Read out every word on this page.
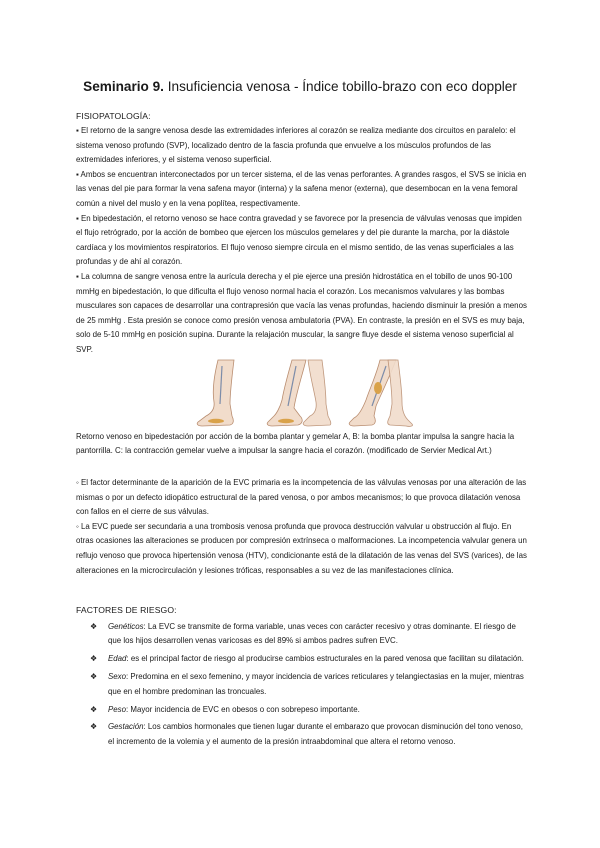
Seminario 9. Insuficiencia venosa - Índice tobillo-brazo con eco doppler
FISIOPATOLOGÍA:

▪ El retorno de la sangre venosa desde las extremidades inferiores al corazón se realiza mediante dos circuitos en paralelo: el sistema venoso profundo (SVP), localizado dentro de la fascia profunda que envuelve a los músculos profundos de las extremidades inferiores, y el sistema venoso superficial.

▪ Ambos se encuentran interconectados por un tercer sistema, el de las venas perforantes. A grandes rasgos, el SVS se inicia en las venas del pie para formar la vena safena mayor (interna) y la safena menor (externa), que desembocan en la vena femoral común a nivel del muslo y en la vena poplítea, respectivamente.

▪ En bipedestación, el retorno venoso se hace contra gravedad y se favorece por la presencia de válvulas venosas que impiden el flujo retrógrado, por la acción de bombeo que ejercen los músculos gemelares y del pie durante la marcha, por la diástole cardíaca y los movimientos respiratorios. El flujo venoso siempre circula en el mismo sentido, de las venas superficiales a las profundas y de ahí al corazón.

▪ La columna de sangre venosa entre la aurícula derecha y el pie ejerce una presión hidrostática en el tobillo de unos 90-100 mmHg en bipedestación, lo que dificulta el flujo venoso normal hacia el corazón. Los mecanismos valvulares y las bombas musculares son capaces de desarrollar una contrapresión que vacía las venas profundas, haciendo disminuir la presión a menos de 25 mmHg . Esta presión se conoce como presión venosa ambulatoria (PVA). En contraste, la presión en el SVS es muy baja, solo de 5-10 mmHg en posición supina. Durante la relajación muscular, la sangre fluye desde el sistema venoso superficial al SVP.

Retorno venoso en bipedestación por acción de la bomba plantar y gemelar A, B: la bomba plantar impulsa la sangre hacia la pantorrilla. C: la contracción gemelar vuelve a impulsar la sangre hacia el corazón. (modificado de Servier Medical Art.)

◦ El factor determinante de la aparición de la EVC primaria es la incompetencia de las válvulas venosas por una alteración de las mismas o por un defecto idiopático estructural de la pared venosa, o por ambos mecanismos; lo que provoca dilatación venosa con fallos en el cierre de sus válvulas.

◦ La EVC puede ser secundaria a una trombosis venosa profunda que provoca destrucción valvular u obstrucción al flujo. En otras ocasiones las alteraciones se producen por compresión extrínseca o malformaciones. La incompetencia valvular genera un reflujo venoso que provoca hipertensión venosa (HTV), condicionante está de la dilatación de las venas del SVS (varices), de las alteraciones en la microcirculación y lesiones tróficas, responsables a su vez de las manifestaciones clínica.

FACTORES DE RIESGO:
❖ Genéticos: La EVC se transmite de forma variable, unas veces con carácter recesivo y otras dominante. El riesgo de que los hijos desarrollen venas varicosas es del 89% si ambos padres sufren EVC.
❖ Edad: es el principal factor de riesgo al producirse cambios estructurales en la pared venosa que facilitan su dilatación.
❖ Sexo: Predomina en el sexo femenino, y mayor incidencia de varices reticulares y telangiectasias en la mujer, mientras que en el hombre predominan las troncuales.
❖ Peso: Mayor incidencia de EVC en obesos o con sobrepeso importante.
❖ Gestación: Los cambios hormonales que tienen lugar durante el embarazo que provocan disminución del tono venoso, el incremento de la volemia y el aumento de la presión intraabdominal que altera el retorno venoso.
